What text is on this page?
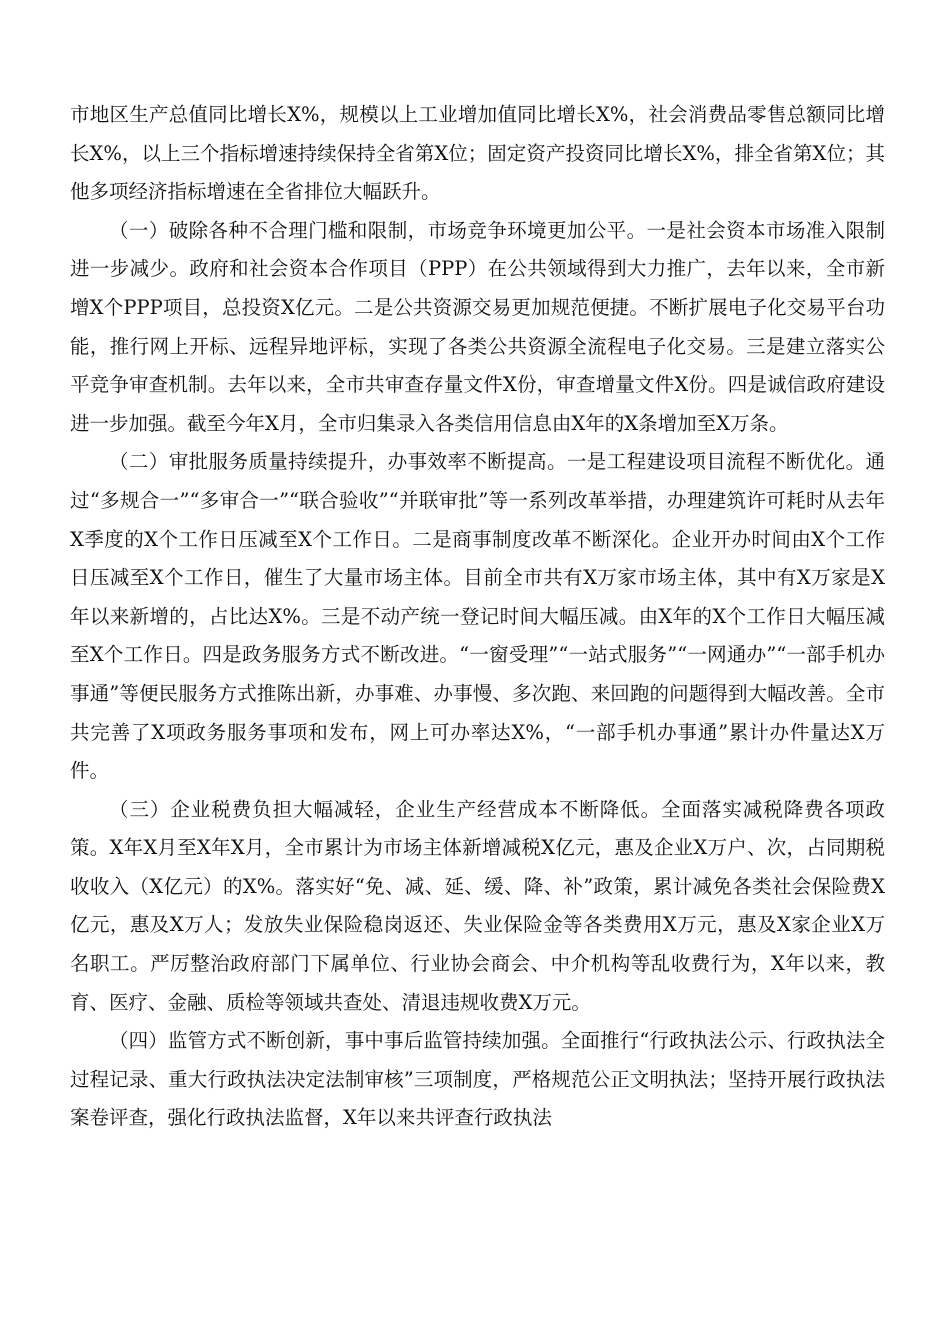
市地区生产总值同比增长X%，规模以上工业增加值同比增长X%，社会消费品零售总额同比增长X%，以上三个指标增速持续保持全省第X位；固定资产投资同比增长X%，排全省第X位；其他多项经济指标增速在全省排位大幅跃升。

（一）破除各种不合理门槛和限制，市场竞争环境更加公平。一是社会资本市场准入限制进一步减少。政府和社会资本合作项目（PPP）在公共领域得到大力推广，去年以来，全市新增X个PPP项目，总投资X亿元。二是公共资源交易更加规范便捷。不断扩展电子化交易平台功能，推行网上开标、远程异地评标，实现了各类公共资源全流程电子化交易。三是建立落实公平竞争审查机制。去年以来，全市共审查存量文件X份，审查增量文件X份。四是诚信政府建设进一步加强。截至今年X月，全市归集录入各类信用信息由X年的X条增加至X万条。

（二）审批服务质量持续提升，办事效率不断提高。一是工程建设项目流程不断优化。通过“多规合一”“多审合一”“联合验收”“并联审批”等一系列改革举措，办理建筑许可耗时从去年X季度的X个工作日压减至X个工作日。二是商事制度改革不断深化。企业开办时间由X个工作日压减至X个工作日，催生了大量市场主体。目前全市共有X万家市场主体，其中有X万家是X年以来新增的，占比达X%。三是不动产统一登记时间大幅压减。由X年的X个工作日大幅压减至X个工作日。四是政务服务方式不断改进。“一窗受理”“一站式服务”“一网通办”“一部手机办事通”等便民服务方式推陈出新，办事难、办事慢、多次跑、来回跑的问题得到大幅改善。全市共完善了X项政务服务事项和发布，网上可办率达X%，“一部手机办事通”累计办件量达X万件。

（三）企业税费负担大幅减轻，企业生产经营成本不断降低。全面落实减税降费各项政策。X年X月至X年X月，全市累计为市场主体新增减税X亿元，惠及企业X万户、次，占同期税收收入（X亿元）的X%。落实好“免、减、延、缓、降、补”政策，累计减免各类社会保险费X亿元，惠及X万人；发放失业保险稳岗返还、失业保险金等各类费用X万元，惠及X家企业X万名职工。严厉整治政府部门下属单位、行业协会商会、中介机构等乱收费行为，X年以来，教育、医疗、金融、质检等领域共查处、清退违规收费X万元。

（四）监管方式不断创新，事中事后监管持续加强。全面推行“行政执法公示、行政执法全过程记录、重大行政执法决定法制审核”三项制度，严格规范公正文明执法；坚持开展行政执法案卷评查，强化行政执法监督，X年以来共评查行政执法
